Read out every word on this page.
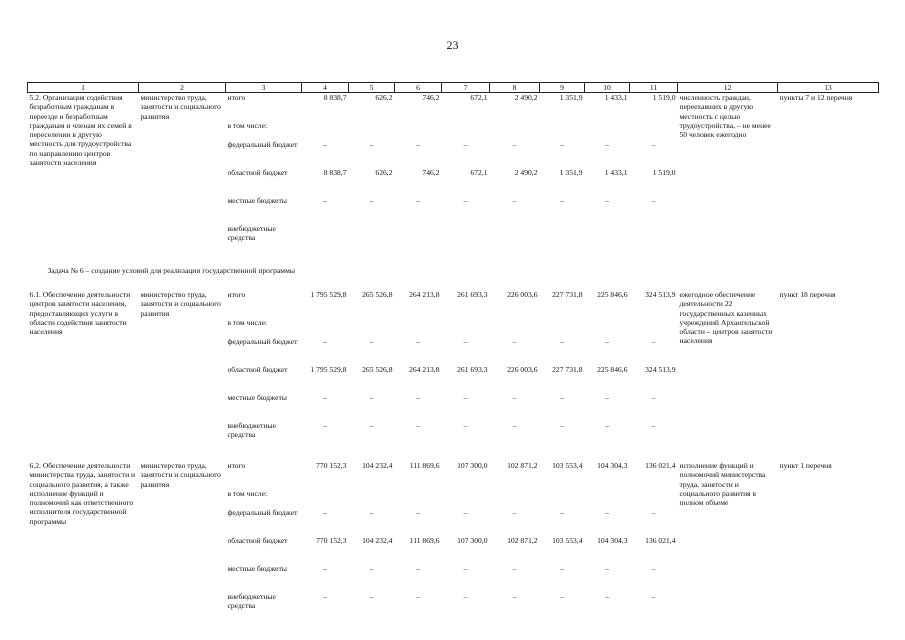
23
1	2	3	4	5	6	7	8	9	10	11	12	13
5.2. Организация содействия безработным гражданам в переезде и безработным гражданам и членам их семей в переселении в другую местность для трудоустройства по направлению центров занятости населения	министерство труда, занятости и социального развития	итого	8 838,7	626,2	746,2	672,1	2 490,2	1 351,9	1 433,1	1 519,0	численность граждан, переехавших в другую местность с целью трудоустройства, – не менее 50 человек ежегодно	пункты 7 и 12 перечня
		в том числе:										
		федеральный бюджет	–	–	–	–	–	–	–	–		
		областной бюджет	8 838,7	626,2	746,2	672,1	2 490,2	1 351,9	1 433,1	1 519,0		
		местные бюджеты	–	–	–	–	–	–	–	–		
		внебюджетные средства										

Задача № 6 – создание условий для реализации государственной программы												

6.1. Обеспечение деятельности центров занятости населения, предоставляющих услуги в области содействия занятости населения	министерство труда, занятости и социального развития	итого	1 795 529,8	265 526,8	264 213,8	261 693,3	226 003,6	227 731,8	225 846,6	324 513,9	ежегодное обеспечение деятельности 22 государственных казенных учреждений Архангельской области – центров занятости населения	пункт 18 перечня
		в том числе:										
		федеральный бюджет	–	–	–	–	–	–	–	–		
		областной бюджет	1 795 529,8	265 526,8	264 213,8	261 693,3	226 003,6	227 731,8	225 846,6	324 513,9		
		местные бюджеты	–	–	–	–	–	–	–	–		
		внебюджетные средства	–	–	–	–	–	–	–	–		

6.2. Обеспечение деятельности министерства труда, занятости и социального развития, а также исполнение функций и полномочий как ответственного исполнителя государственной программы	министерство труда, занятости и социального развития	итого	770 152,3	104 232,4	111 869,6	107 300,0	102 871,2	103 553,4	104 304,3	136 021,4	исполнение функций и полномочий министерства труда, занятости и социального развития в полном объеме	пункт 1 перечня
		в том числе:										
		федеральный бюджет	–	–	–	–	–	–	–	–		
		областной бюджет	770 152,3	104 232,4	111 869,6	107 300,0	102 871,2	103 553,4	104 304,3	136 021,4		
		местные бюджеты	–	–	–	–	–	–	–	–		
		внебюджетные средства	–	–	–	–	–	–	–	–		
